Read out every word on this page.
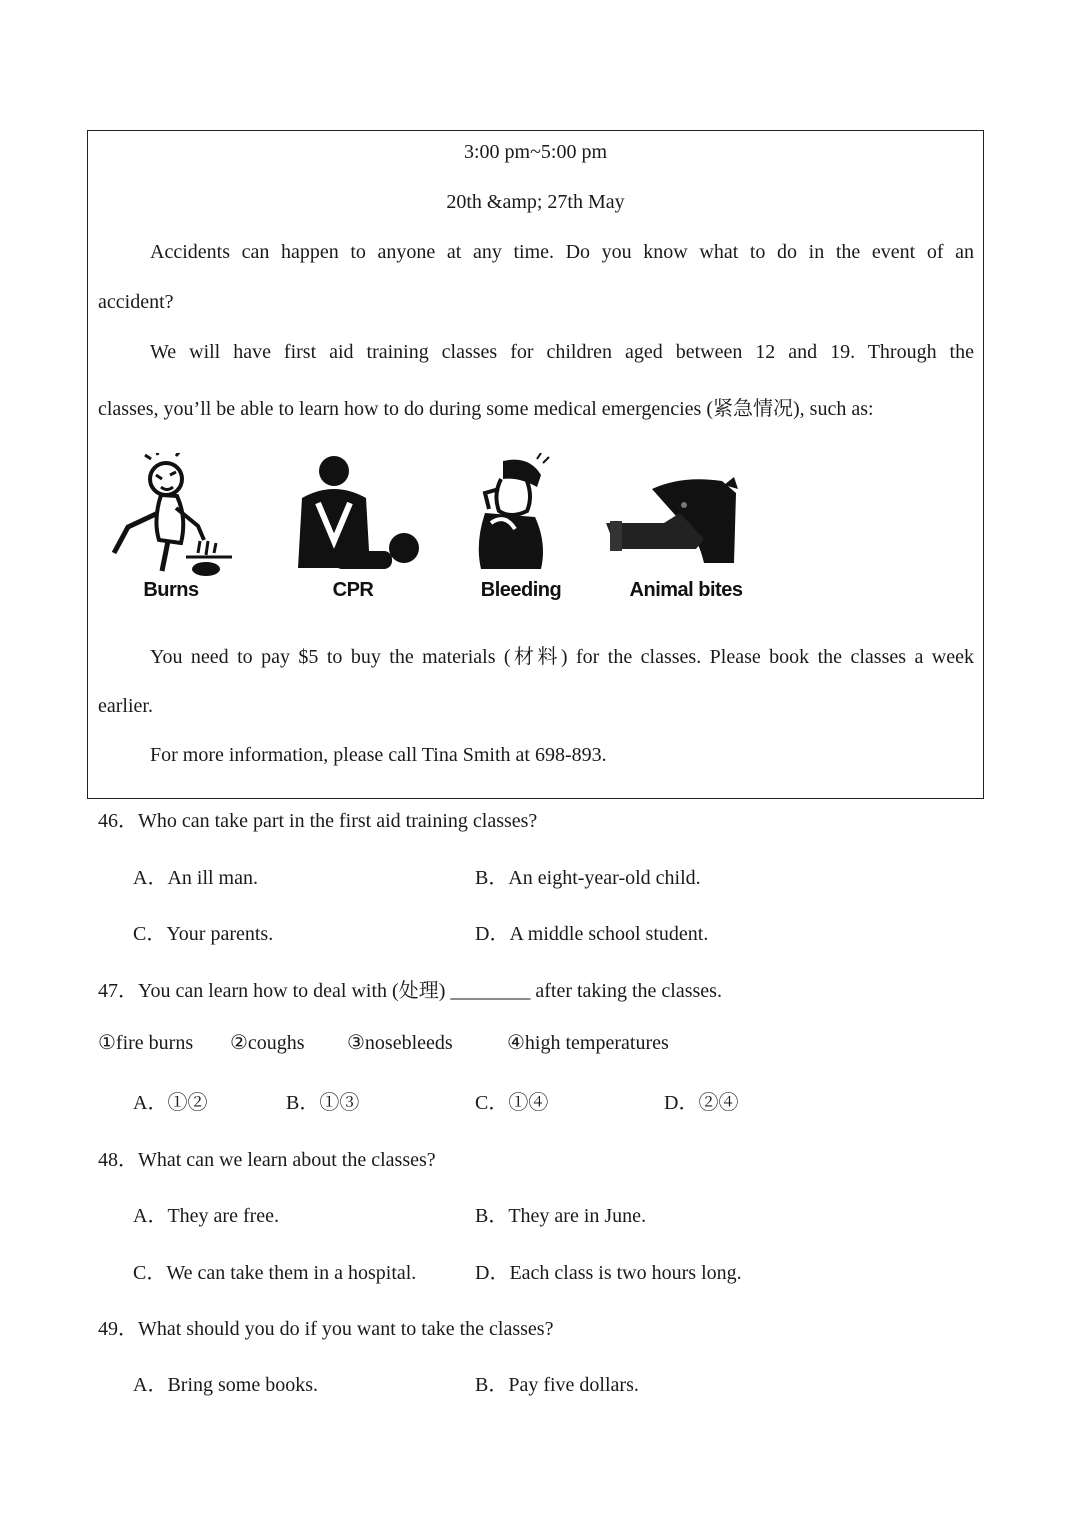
3:00 pm~5:00 pm
20th &amp; 27th May
Accidents can happen to anyone at any time. Do you know what to do in the event of an
accident?
We will have first aid training classes for children aged between 12 and 19. Through the
classes, you’ll be able to learn how to do during some medical emergencies (紧急情况), such as:
Burns	CPR	Bleeding	Animal bites
You need to pay $5 to buy the materials (材料) for the classes. Please book the classes a week
earlier.
For more information, please call Tina Smith at 698-893.
46．Who can take part in the first aid training classes?
A．An ill man.	B．An eight-year-old child.
C．Your parents.	D．A middle school student.
47．You can learn how to deal with (处理) ________ after taking the classes.
①fire burns ②coughs ③nosebleeds	④high temperatures
A．①②	B．①③	C．①④	D．②④
48．What can we learn about the classes?
A．They are free.	B．They are in June.
C．We can take them in a hospital.	D．Each class is two hours long.
49．What should you do if you want to take the classes?
A．Bring some books.	B．Pay five dollars.
